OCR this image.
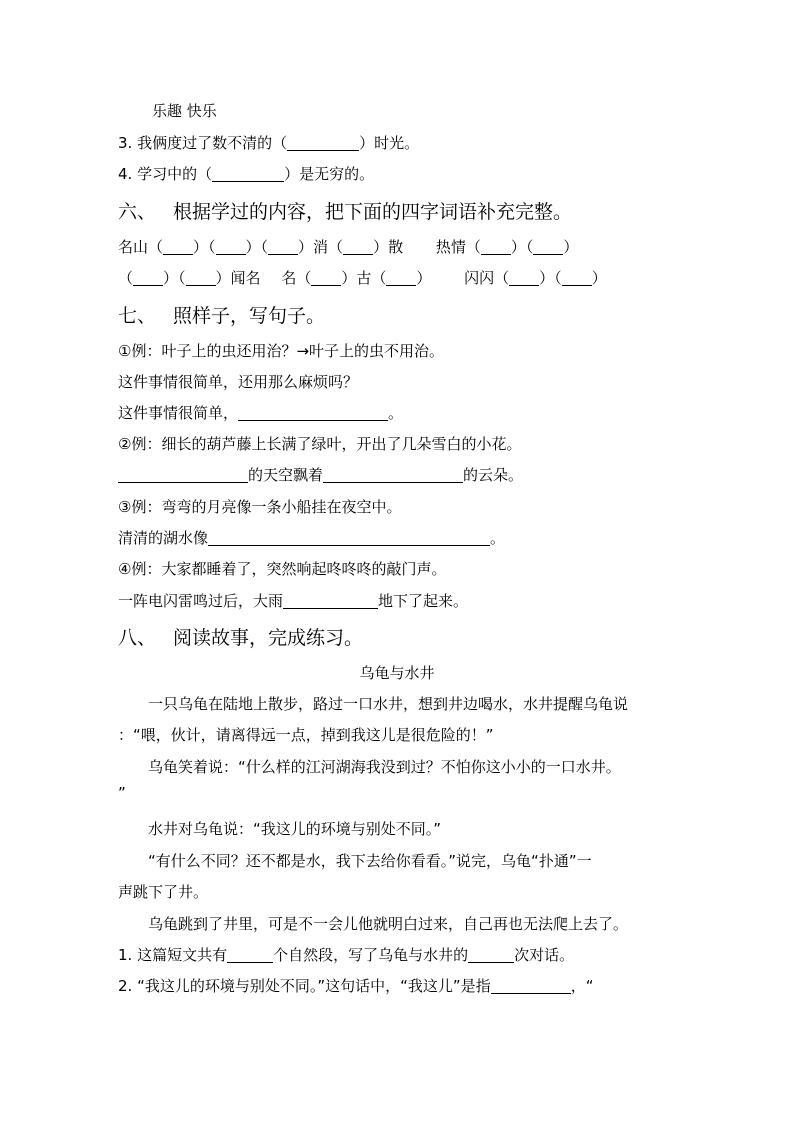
乐趣 快乐
3. 我俩度过了数不清的（	）时光。
4. 学习中的（	）是无穷的。
六、 根据学过的内容，把下面的四字词语补充完整。
名山（ ）（ ）（ ）消（ ）散 热情（ ）（ ）
（ ）（ ）闻名 名（ ）古（ ） 闪闪（ ）（ ）
七、 照样子，写句子。
①例：叶子上的虫还用治？→叶子上的虫不用治。
这件事情很简单，还用那么麻烦吗？
这件事情很简单，	。
②例：细长的葫芦藤上长满了绿叶，开出了几朵雪白的小花。
的天空飘着	的云朵。
③例：弯弯的月亮像一条小船挂在夜空中。
清清的湖水像	。
④例：大家都睡着了，突然响起咚咚咚的敲门声。
一阵电闪雷鸣过后，大雨	地下了起来。
八、 阅读故事，完成练习。
乌龟与水井
一只乌龟在陆地上散步，路过一口水井，想到井边喝水，水井提醒乌龟说
：“喂，伙计，请离得远一点，掉到我这儿是很危险的！”
乌龟笑着说：“什么样的江河湖海我没到过？不怕你这小小的一口水井。
”
水井对乌龟说：“我这儿的环境与别处不同。”
“有什么不同？还不都是水，我下去给你看看。”说完，乌龟“扑通”一
声跳下了井。
乌龟跳到了井里，可是不一会儿他就明白过来，自己再也无法爬上去了。
1. 这篇短文共有	个自然段，写了乌龟与水井的	次对话。
2. “我这儿的环境与别处不同。”这句话中，“我这儿”是指	，“
